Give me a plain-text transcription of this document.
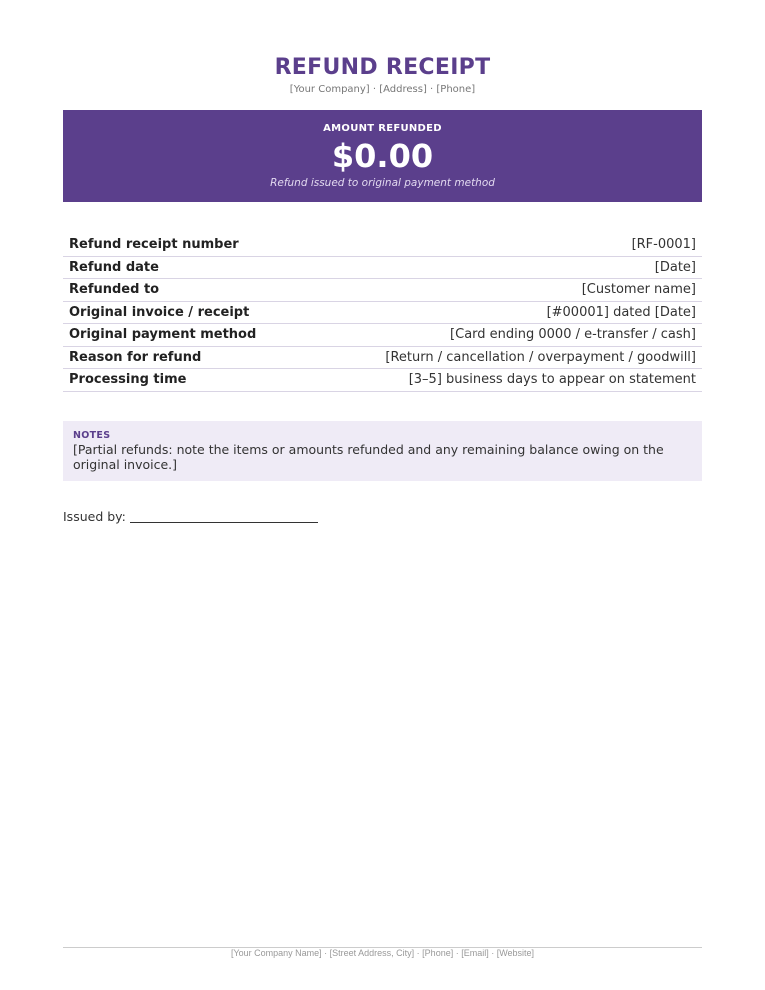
REFUND RECEIPT
[Your Company] · [Address] · [Phone]
AMOUNT REFUNDED
$0.00
Refund issued to original payment method
Refund receipt number	[RF-0001]
Refund date	[Date]
Refunded to	[Customer name]
Original invoice / receipt	[#00001] dated [Date]
Original payment method	[Card ending 0000 / e-transfer / cash]
Reason for refund	[Return / cancellation / overpayment / goodwill]
Processing time	[3–5] business days to appear on statement
NOTES
[Partial refunds: note the items or amounts refunded and any remaining balance owing on the original invoice.]
Issued by:
[Your Company Name] · [Street Address, City] · [Phone] · [Email] · [Website]
